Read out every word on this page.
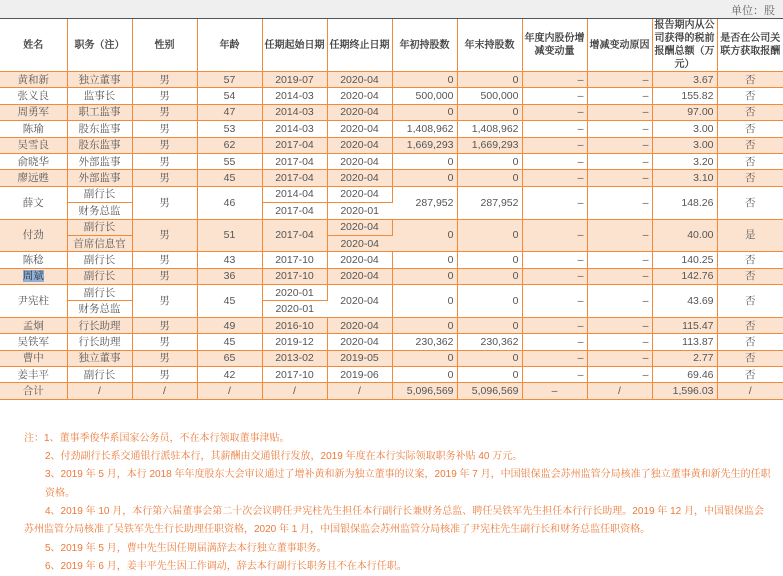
单位：股
姓名	职务（注）	性别	年龄	任期起始日期	任期终止日期	年初持股数	年末持股数	年度内股份增减变动量	增减变动原因	报告期内从公司获得的税前报酬总额（万元）	是否在公司关联方获取报酬
黄和新	独立董事	男	57	2019-07	2020-04	0	0	–	–	3.67	否
张义良	监事长	男	54	2014-03	2020-04	500,000	500,000	–	–	155.82	否
周勇军	职工监事	男	47	2014-03	2020-04	0	0	–	–	97.00	否
陈瑜	股东监事	男	53	2014-03	2020-04	1,408,962	1,408,962	–	–	3.00	否
吴雪良	股东监事	男	62	2017-04	2020-04	1,669,293	1,669,293	–	–	3.00	否
俞晓华	外部监事	男	55	2017-04	2020-04	0	0	–	–	3.20	否
廖远甦	外部监事	男	45	2017-04	2020-04	0	0	–	–	3.10	否
薛文	副行长	男	46	2014-04	2020-04	287,952	287,952	–	–	148.26	否
	财务总监			2017-04	2020-01						
付劲	副行长	男	51	2017-04	2020-04	0	0	–	–	40.00	是
	首席信息官				2020-04						
陈稔	副行长	男	43	2017-10	2020-04	0	0	–	–	140.25	否
周斌	副行长	男	36	2017-10	2020-04	0	0	–	–	142.76	否
尹宪柱	副行长	男	45	2020-01	2020-04	0	0	–	–	43.69	否
	财务总监			2020-01							
孟炯	行长助理	男	49	2016-10	2020-04	0	0	–	–	115.47	否
吴铁军	行长助理	男	45	2019-12	2020-04	230,362	230,362	–	–	113.87	否
曹中	独立董事	男	65	2013-02	2019-05	0	0	–	–	2.77	否
姜丰平	副行长	男	42	2017-10	2019-06	0	0	–	–	69.46	否
合计	/	/	/	/	/	5,096,569	5,096,569	–	/	1,596.03	/
注：1、董事季俊华系国家公务员，不在本行领取董事津贴。
2、付劲副行长系交通银行派驻本行，其薪酬由交通银行发放，2019 年度在本行实际领取职务补贴 40 万元。
3、2019 年 5 月，本行 2018 年年度股东大会审议通过了增补黄和新为独立董事的议案，2019 年 7 月，中国银保监会苏州监管分局核准了独立董事黄和新先生的任职资格。
4、2019 年 10 月，本行第六届董事会第二十次会议聘任尹宪柱先生担任本行副行长兼财务总监、聘任吴铁军先生担任本行行长助理。2019 年 12 月，中国银保监会
苏州监管分局核准了吴铁军先生行长助理任职资格，2020 年 1 月，中国银保监会苏州监管分局核准了尹宪柱先生副行长和财务总监任职资格。
5、2019 年 5 月，曹中先生因任期届满辞去本行独立董事职务。
6、2019 年 6 月，姜丰平先生因工作调动，辞去本行副行长职务且不在本行任职。
